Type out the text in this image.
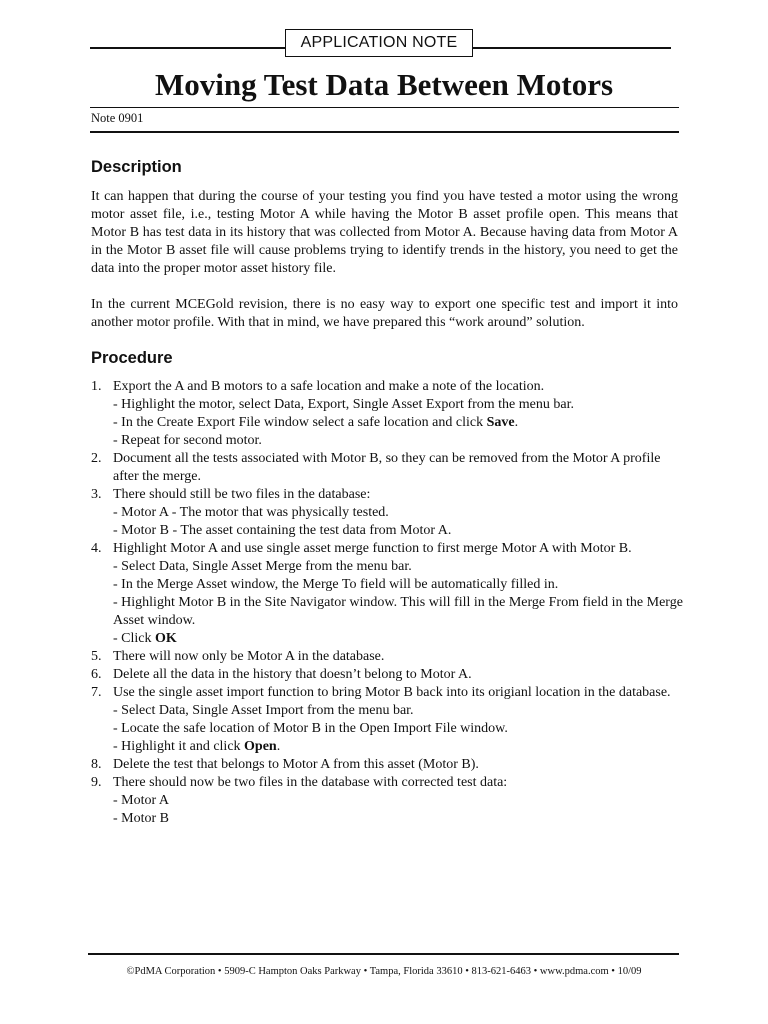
APPLICATION NOTE
Moving Test Data Between Motors
Note 0901
Description

It can happen that during the course of your testing you find you have tested a motor using the wrong motor asset file, i.e., testing Motor A while having the Motor B asset profile open. This means that Motor B has test data in its history that was collected from Motor A. Because having data from Motor A in the Motor B asset file will cause problems trying to identify trends in the history, you need to get the data into the proper motor asset history file.

In the current MCEGold revision, there is no easy way to export one specific test and import it into another motor profile. With that in mind, we have prepared this “work around” solution.

Procedure
1. Export the A and B motors to a safe location and make a note of the location.
- Highlight the motor, select Data, Export, Single Asset Export from the menu bar.
- In the Create Export File window select a safe location and click Save.
- Repeat for second motor.
2. Document all the tests associated with Motor B, so they can be removed from the Motor A profile after the merge.
3. There should still be two files in the database:
- Motor A - The motor that was physically tested.
- Motor B - The asset containing the test data from Motor A.
4. Highlight Motor A and use single asset merge function to first merge Motor A with Motor B.
- Select Data, Single Asset Merge from the menu bar.
- In the Merge Asset window, the Merge To field will be automatically filled in.
- Highlight Motor B in the Site Navigator window. This will fill in the Merge From field in the Merge Asset window.
- Click OK
5. There will now only be Motor A in the database.
6. Delete all the data in the history that doesn’t belong to Motor A.
7. Use the single asset import function to bring Motor B back into its origianl location in the database.
- Select Data, Single Asset Import from the menu bar.
- Locate the safe location of Motor B in the Open Import File window.
- Highlight it and click Open.
8. Delete the test that belongs to Motor A from this asset (Motor B).
9. There should now be two files in the database with corrected test data:
- Motor A
- Motor B
©PdMA Corporation • 5909-C Hampton Oaks Parkway • Tampa, Florida 33610 • 813-621-6463 • www.pdma.com • 10/09
